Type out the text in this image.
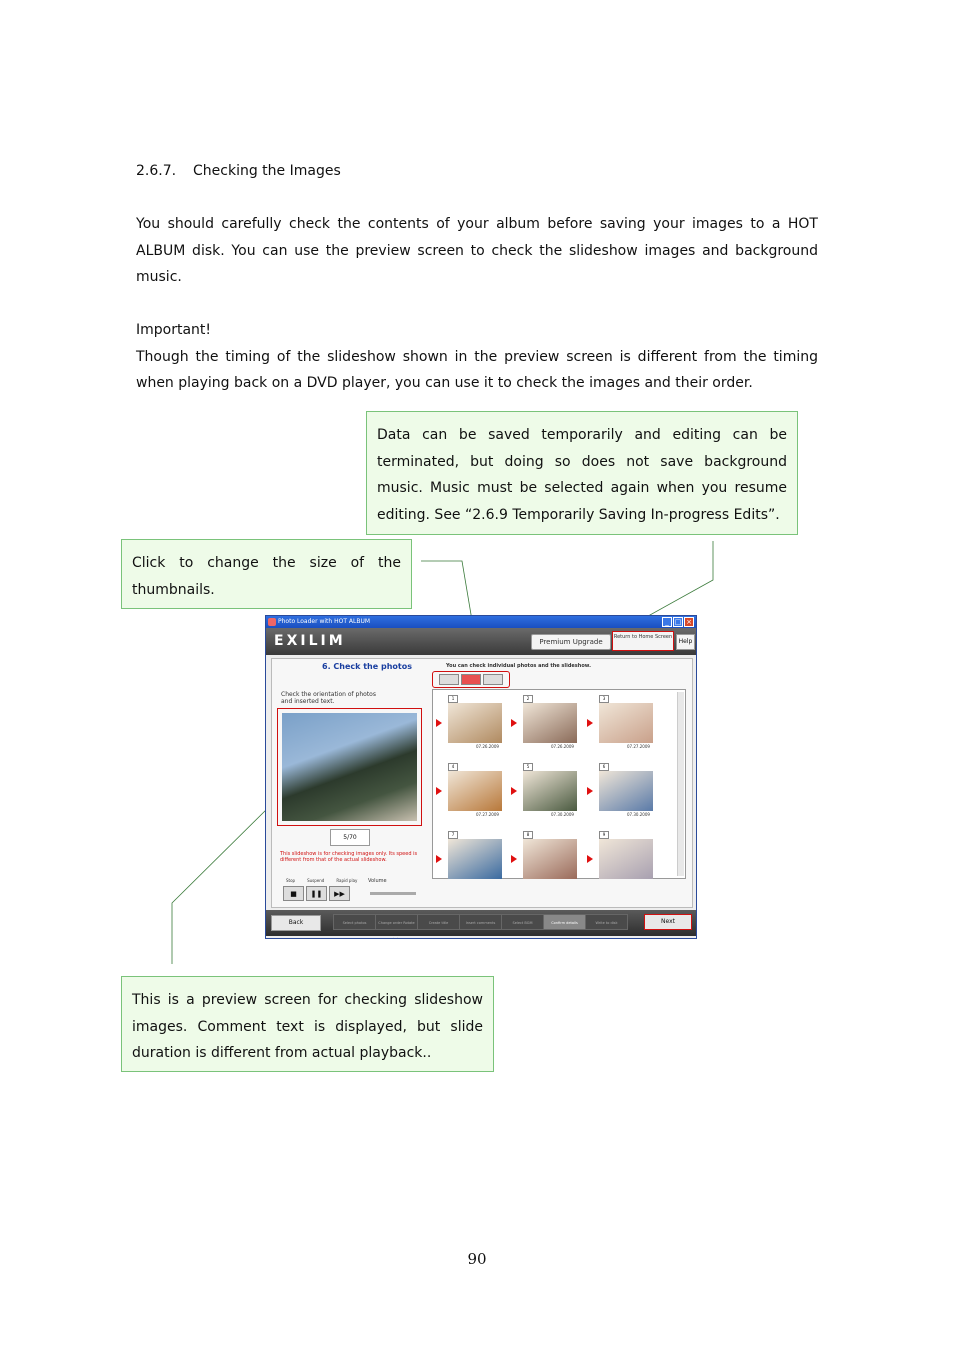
2.6.7. Checking the Images
You should carefully check the contents of your album before saving your images to a HOT ALBUM disk. You can use the preview screen to check the slideshow images and background music.
Important!
Though the timing of the slideshow shown in the preview screen is different from the timing when playing back on a DVD player, you can use it to check the images and their order.
Data can be saved temporarily and editing can be terminated, but doing so does not save background music. Music must be selected again when you resume editing. See “2.6.9 Temporarily Saving In-progress Edits”.
Click to change the size of the thumbnails.
This is a preview screen for checking slideshow images. Comment text is displayed, but slide duration is different from actual playback..
Photo Loader with HOT ALBUM	_ □ ×
EXILIM	Premium Upgrade
Return to Home Screen
Help
6. Check the photos	You can check individual photos and the slideshow.
Check the orientation of photos and inserted text.
5/70
This slideshow is for checking images only. Its speed is different from that of the actual slideshow.
Stop	Suspend	Rapid play
■	❚❚	▶▶
Volume
1
07.26.2009
2
07.26.2009
3
07.27.2009
4
07.27.2009
5
07.30.2009
6
07.30.2009
7	8	9
Back	Select photos	Change order Rotate photos
Create title	Insert comments	Select BGM	Confirm details	Write to disk	Next
90
